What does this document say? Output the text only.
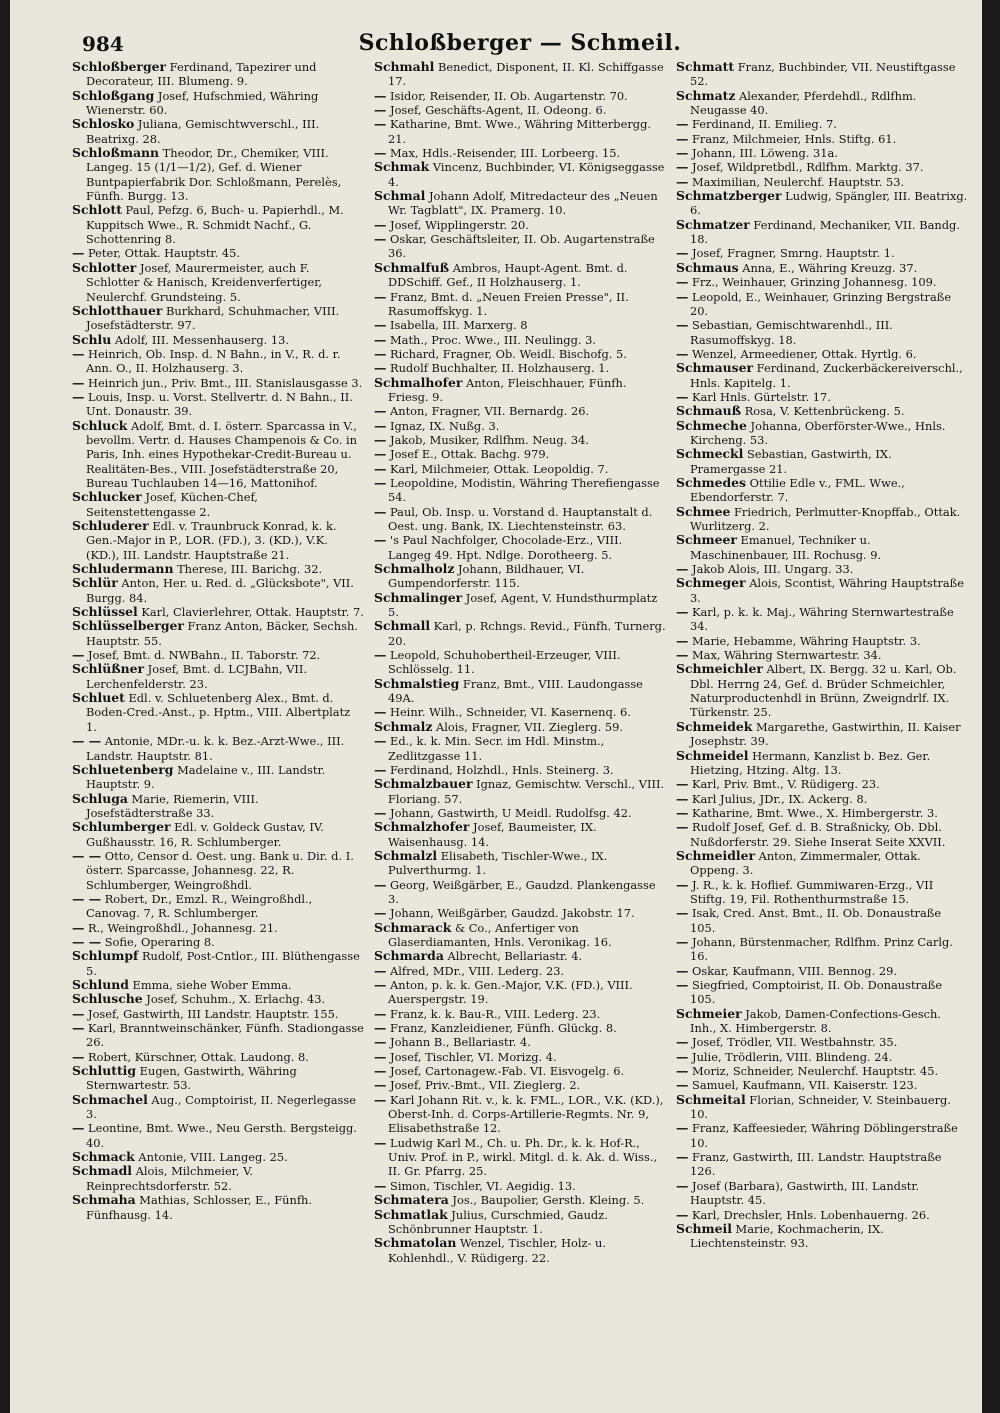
984	Schloßberger — Schmeil.

Schloßberger Ferdinand, Tapezirer und Decorateur, III. Blumeng. 9.

Schloßgang Josef, Hufschmied, Währing Wienerstr. 60.

Schlosko Juliana, Gemischtwverschl., III. Beatrixg. 28.

Schloßmann Theodor, Dr., Chemiker, VIII. Langeg. 15 (1/1—1/2), Gef. d. Wiener Buntpapierfabrik Dor. Schloßmann, Perelès, Fünfh. Burgg. 13.

Schlott Paul, Pefzg. 6, Buch- u. Papierhdl., M. Kuppitsch Wwe., R. Schmidt Nachf., G. Schottenring 8.

— Peter, Ottak. Hauptstr. 45.

Schlotter Josef, Maurermeister, auch F. Schlotter & Hanisch, Kreidenverfertiger, Neulerchf. Grundsteing. 5.

Schlotthauer Burkhard, Schuhmacher, VIII. Josefstädterstr. 97.

Schlu Adolf, III. Messenhauserg. 13.

— Heinrich, Ob. Insp. d. N Bahn., in V., R. d. r. Ann. O., II. Holzhauserg. 3.

— Heinrich jun., Priv. Bmt., III. Stanislausgasse 3.

— Louis, Insp. u. Vorst. Stellvertr. d. N Bahn., II. Unt. Donaustr. 39.

Schluck Adolf, Bmt. d. I. österr. Sparcassa in V., bevollm. Vertr. d. Hauses Champenois & Co. in Paris, Inh. eines Hypothekar-Credit-Bureau u. Realitäten-Bes., VIII. Josefstädterstraße 20, Bureau Tuchlauben 14—16, Mattonihof.

Schlucker Josef, Küchen-Chef, Seitenstettengasse 2.

Schluderer Edl. v. Traunbruck Konrad, k. k. Gen.-Major in P., LOR. (FD.), 3. (KD.), V.K. (KD.), III. Landstr. Hauptstraße 21.

Schludermann Therese, III. Barichg. 32.

Schlür Anton, Her. u. Red. d. „Glücksbote", VII. Burgg. 84.

Schlüssel Karl, Clavierlehrer, Ottak. Hauptstr. 7.

Schlüsselberger Franz Anton, Bäcker, Sechsh. Hauptstr. 55.

— Josef, Bmt. d. NWBahn., II. Taborstr. 72.

Schlüßner Josef, Bmt. d. LCJBahn, VII. Lerchenfelderstr. 23.

Schluet Edl. v. Schluetenberg Alex., Bmt. d. Boden-Cred.-Anst., p. Hptm., VIII. Albertplatz 1.

— — Antonie, MDr.-u. k. k. Bez.-Arzt-Wwe., III. Landstr. Hauptstr. 81.

Schluetenberg Madelaine v., III. Landstr. Hauptstr. 9.

Schluga Marie, Riemerin, VIII. Josefstädterstraße 33.

Schlumberger Edl. v. Goldeck Gustav, IV. Gußhausstr. 16, R. Schlumberger.

— — Otto, Censor d. Oest. ung. Bank u. Dir. d. I. österr. Sparcasse, Johannesg. 22, R. Schlumberger, Weingroßhdl.

— — Robert, Dr., Emzl. R., Weingroßhdl., Canovag. 7, R. Schlumberger.

— R., Weingroßhdl., Johannesg. 21.

— — Sofie, Operaring 8.

Schlumpf Rudolf, Post-Cntlor., III. Blüthengasse 5.

Schlund Emma, siehe Wober Emma.

Schlusche Josef, Schuhm., X. Erlachg. 43.

— Josef, Gastwirth, III Landstr. Hauptstr. 155.

— Karl, Branntweinschänker, Fünfh. Stadiongasse 26.

— Robert, Kürschner, Ottak. Laudong. 8.

Schluttig Eugen, Gastwirth, Währing Sternwartestr. 53.

Schmachel Aug., Comptoirist, II. Negerlegasse 3.

— Leontine, Bmt. Wwe., Neu Gersth. Bergsteigg. 40.

Schmack Antonie, VIII. Langeg. 25.

Schmadl Alois, Milchmeier, V. Reinprechtsdorferstr. 52.

Schmaha Mathias, Schlosser, E., Fünfh. Fünfhausg. 14.

Schmahl Benedict, Disponent, II. Kl. Schiffgasse 17.

— Isidor, Reisender, II. Ob. Augartenstr. 70.

— Josef, Geschäfts-Agent, II. Odeong. 6.

— Katharine, Bmt. Wwe., Währing Mitterbergg. 21.

— Max, Hdls.-Reisender, III. Lorbeerg. 15.

Schmak Vincenz, Buchbinder, VI. Königseggasse 4.

Schmal Johann Adolf, Mitredacteur des „Neuen Wr. Tagblatt", IX. Pramerg. 10.

— Josef, Wipplingerstr. 20.

— Oskar, Geschäftsleiter, II. Ob. Augartenstraße 36.

Schmalfuß Ambros, Haupt-Agent. Bmt. d. DDSchiff. Gef., II Holzhauserg. 1.

— Franz, Bmt. d. „Neuen Freien Presse", II. Rasumoffskyg. 1.

— Isabella, III. Marxerg. 8

— Math., Proc. Wwe., III. Neulingg. 3.

— Richard, Fragner, Ob. Weidl. Bischofg. 5.

— Rudolf Buchhalter, II. Holzhauserg. 1.

Schmalhofer Anton, Fleischhauer, Fünfh. Friesg. 9.

— Anton, Fragner, VII. Bernardg. 26.

— Ignaz, IX. Nußg. 3.

— Jakob, Musiker, Rdlfhm. Neug. 34.

— Josef E., Ottak. Bachg. 979.

— Karl, Milchmeier, Ottak. Leopoldig. 7.

— Leopoldine, Modistin, Währing Therefiengasse 54.

— Paul, Ob. Insp. u. Vorstand d. Hauptanstalt d. Oest. ung. Bank, IX. Liechtensteinstr. 63.

— 's Paul Nachfolger, Chocolade-Erz., VIII. Langeg 49. Hpt. Ndlge. Dorotheerg. 5.

Schmalholz Johann, Bildhauer, VI. Gumpendorferstr. 115.

Schmalinger Josef, Agent, V. Hundsthurmplatz 5.

Schmall Karl, p. Rchngs. Revid., Fünfh. Turnerg. 20.

— Leopold, Schuhobertheil-Erzeuger, VIII. Schlösselg. 11.

Schmalstieg Franz, Bmt., VIII. Laudongasse 49A.

— Heinr. Wilh., Schneider, VI. Kasernenq. 6.

Schmalz Alois, Fragner, VII. Zieglerg. 59.

— Ed., k. k. Min. Secr. im Hdl. Minstm., Zedlitzgasse 11.

— Ferdinand, Holzhdl., Hnls. Steinerg. 3.

Schmalzbauer Ignaz, Gemischtw. Verschl., VIII. Floriang. 57.

— Johann, Gastwirth, U Meidl. Rudolfsg. 42.

Schmalzhofer Josef, Baumeister, IX. Waisenhausg. 14.

Schmalzl Elisabeth, Tischler-Wwe., IX. Pulverthurmg. 1.

— Georg, Weißgärber, E., Gaudzd. Plankengasse 3.

— Johann, Weißgärber, Gaudzd. Jakobstr. 17.

Schmarack & Co., Anfertiger von Glaserdiamanten, Hnls. Veronikag. 16.

Schmarda Albrecht, Bellariastr. 4.

— Alfred, MDr., VIII. Lederg. 23.

— Anton, p. k. k. Gen.-Major, V.K. (FD.), VIII. Auerspergstr. 19.

— Franz, k. k. Bau-R., VIII. Lederg. 23.

— Franz, Kanzleidiener, Fünfh. Glückg. 8.

— Johann B., Bellariastr. 4.

— Josef, Tischler, VI. Morizg. 4.

— Josef, Cartonagew.-Fab. VI. Eisvogelg. 6.

— Josef, Priv.-Bmt., VII. Zieglerg. 2.

— Karl Johann Rit. v., k. k. FML., LOR., V.K. (KD.), Oberst-Inh. d. Corps-Artillerie-Regmts. Nr. 9, Elisabethstraße 12.

— Ludwig Karl M., Ch. u. Ph. Dr., k. k. Hof-R., Univ. Prof. in P., wirkl. Mitgl. d. k. Ak. d. Wiss., II. Gr. Pfarrg. 25.

— Simon, Tischler, VI. Aegidig. 13.

Schmatera Jos., Baupolier, Gersth. Kleing. 5.

Schmatlak Julius, Curschmied, Gaudz. Schönbrunner Hauptstr. 1.

Schmatolan Wenzel, Tischler, Holz- u. Kohlenhdl., V. Rüdigerg. 22.

Schmatt Franz, Buchbinder, VII. Neustiftgasse 52.

Schmatz Alexander, Pferdehdl., Rdlfhm. Neugasse 40.

— Ferdinand, II. Emilieg. 7.

— Franz, Milchmeier, Hnls. Stiftg. 61.

— Johann, III. Löweng. 31a.

— Josef, Wildpretbdl., Rdlfhm. Marktg. 37.

— Maximilian, Neulerchf. Hauptstr. 53.

Schmatzberger Ludwig, Spängler, III. Beatrixg. 6.

Schmatzer Ferdinand, Mechaniker, VII. Bandg. 18.

— Josef, Fragner, Smrng. Hauptstr. 1.

Schmaus Anna, E., Währing Kreuzg. 37.

— Frz., Weinhauer, Grinzing Johannesg. 109.

— Leopold, E., Weinhauer, Grinzing Bergstraße 20.

— Sebastian, Gemischtwarenhdl., III. Rasumoffskyg. 18.

— Wenzel, Armeediener, Ottak. Hyrtlg. 6.

Schmauser Ferdinand, Zuckerbäckereiverschl., Hnls. Kapitelg. 1.

— Karl Hnls. Gürtelstr. 17.

Schmauß Rosa, V. Kettenbrückeng. 5.

Schmeche Johanna, Oberförster-Wwe., Hnls. Kircheng. 53.

Schmeckl Sebastian, Gastwirth, IX. Pramergasse 21.

Schmedes Ottilie Edle v., FML. Wwe., Ebendorferstr. 7.

Schmee Friedrich, Perlmutter-Knopffab., Ottak. Wurlitzerg. 2.

Schmeer Emanuel, Techniker u. Maschinenbauer, III. Rochusg. 9.

— Jakob Alois, III. Ungarg. 33.

Schmeger Alois, Scontist, Währing Hauptstraße 3.

— Karl, p. k. k. Maj., Währing Sternwartestraße 34.

— Marie, Hebamme, Währing Hauptstr. 3.

— Max, Währing Sternwartestr. 34.

Schmeichler Albert, IX. Bergg. 32 u. Karl, Ob. Dbl. Herrng 24, Gef. d. Brüder Schmeichler, Naturproductenhdl in Brünn, Zweigndrlf. IX. Türkenstr. 25.

Schmeidek Margarethe, Gastwirthin, II. Kaiser Josephstr. 39.

Schmeidel Hermann, Kanzlist b. Bez. Ger. Hietzing, Htzing. Altg. 13.

— Karl, Priv. Bmt., V. Rüdigerg. 23.

— Karl Julius, JDr., IX. Ackerg. 8.

— Katharine, Bmt. Wwe., X. Himbergerstr. 3.

— Rudolf Josef, Gef. d. B. Straßnicky, Ob. Dbl. Nußdorferstr. 29. Siehe Inserat Seite XXVII.

Schmeidler Anton, Zimmermaler, Ottak. Oppeng. 3.

— J. R., k. k. Hoflief. Gummiwaren-Erzg., VII Stiftg. 19, Fil. Rothenthurmstraße 15.

— Isak, Cred. Anst. Bmt., II. Ob. Donaustraße 105.

— Johann, Bürstenmacher, Rdlfhm. Prinz Carlg. 16.

— Oskar, Kaufmann, VIII. Bennog. 29.

— Siegfried, Comptoirist, II. Ob. Donaustraße 105.

Schmeier Jakob, Damen-Confections-Gesch. Inh., X. Himbergerstr. 8.

— Josef, Trödler, VII. Westbahnstr. 35.

— Julie, Trödlerin, VIII. Blindeng. 24.

— Moriz, Schneider, Neulerchf. Hauptstr. 45.

— Samuel, Kaufmann, VII. Kaiserstr. 123.

Schmeital Florian, Schneider, V. Steinbauerg. 10.

— Franz, Kaffeesieder, Währing Döblingerstraße 10.

— Franz, Gastwirth, III. Landstr. Hauptstraße 126.

— Josef (Barbara), Gastwirth, III. Landstr. Hauptstr. 45.

— Karl, Drechsler, Hnls. Lobenhauerng. 26.

Schmeil Marie, Kochmacherin, IX. Liechtensteinstr. 93.
